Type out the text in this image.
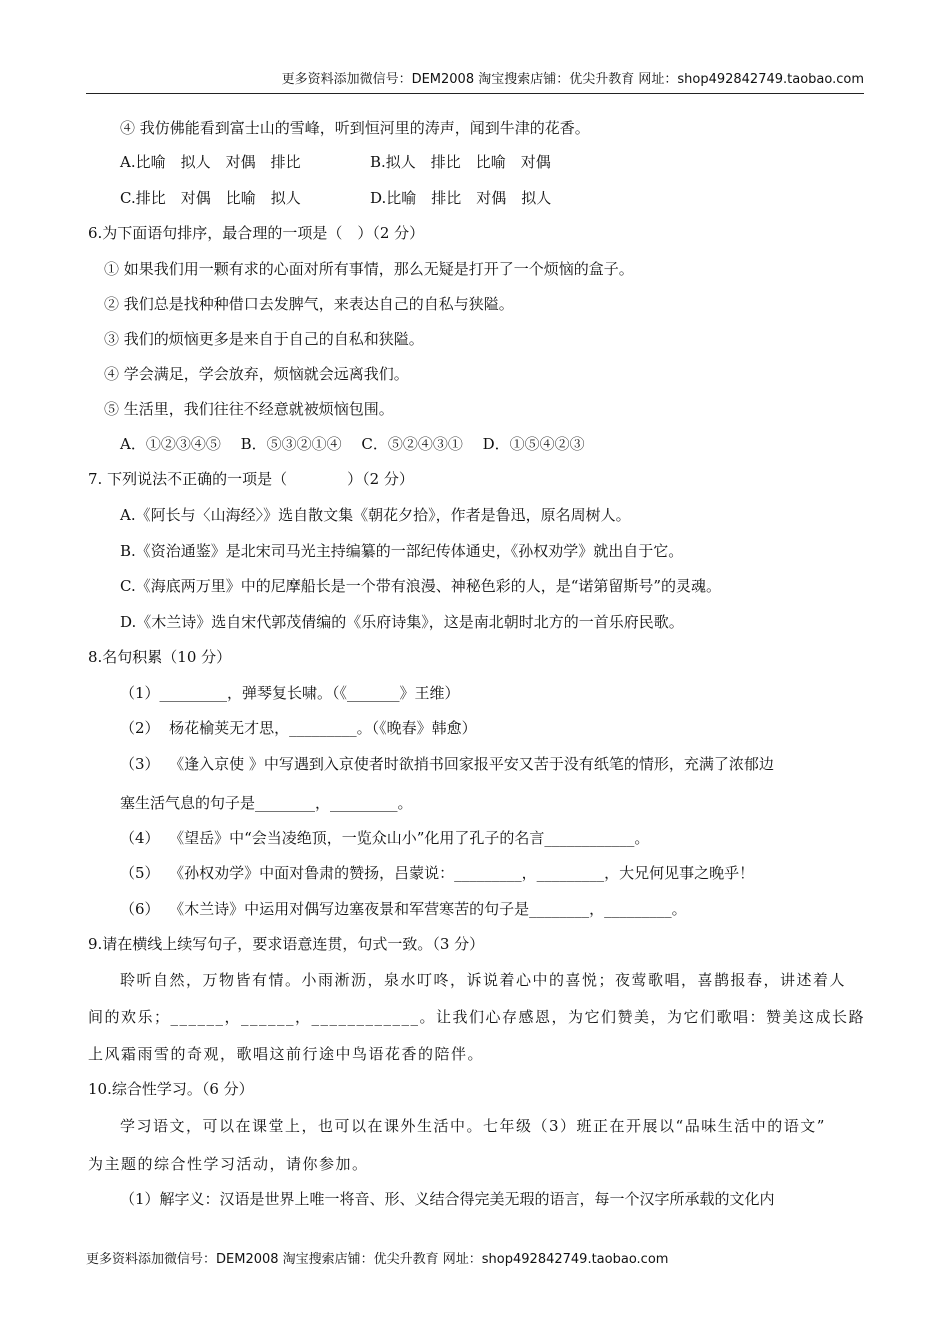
更多资料添加微信号：DEM2008 淘宝搜索店铺：优尖升教育 网址：shop492842749.taobao.com
④ 我仿佛能看到富士山的雪峰，听到恒河里的涛声，闻到牛津的花香。
A.比喻　拟人　对偶　排比	B.拟人　排比　比喻　对偶
C.排比　对偶　比喻　拟人	D.比喻　排比　对偶　拟人
6.为下面语句排序，最合理的一项是（　）（2 分）
① 如果我们用一颗有求的心面对所有事情，那么无疑是打开了一个烦恼的盒子。
② 我们总是找种种借口去发脾气，来表达自己的自私与狭隘。
③ 我们的烦恼更多是来自于自己的自私和狭隘。
④ 学会满足，学会放弃，烦恼就会远离我们。
⑤ 生活里，我们往往不经意就被烦恼包围。
A．①②③④⑤　 B．⑤③②①④　 C．⑤②④③①　 D．①⑤④②③
7. 下列说法不正确的一项是（　　　　）（2 分）
A.《阿长与〈山海经〉》选自散文集《朝花夕拾》，作者是鲁迅，原名周树人。
B.《资治通鉴》是北宋司马光主持编纂的一部纪传体通史，《孙权劝学》就出自于它。
C.《海底两万里》中的尼摩船长是一个带有浪漫、神秘色彩的人，是“诺第留斯号”的灵魂。
D.《木兰诗》选自宋代郭茂倩编的《乐府诗集》，这是南北朝时北方的一首乐府民歌。
8.名句积累（10 分）
（1）_________，弹琴复长啸。（《_______》王维）
（2）  杨花榆荚无才思，_________。（《晚春》韩愈）
（3）  《逢入京使 》中写遇到入京使者时欲捎书回家报平安又苦于没有纸笔的情形，充满了浓郁边
塞生活气息的句子是________，_________。
（4）  《望岳》中“会当凌绝顶，一览众山小”化用了孔子的名言____________。
（5）  《孙权劝学》中面对鲁肃的赞扬，吕蒙说：_________，_________，大兄何见事之晚乎！
（6）  《木兰诗》中运用对偶写边塞夜景和军营寒苦的句子是________，_________。
9.请在横线上续写句子，要求语意连贯，句式一致。（3 分）
聆听自然，万物皆有情。小雨淅沥，泉水叮咚，诉说着心中的喜悦；夜莺歌唱，喜鹊报春，讲述着人
间的欢乐；______，______，____________。让我们心存感恩，为它们赞美，为它们歌唱：赞美这成长路
上风霜雨雪的奇观，歌唱这前行途中鸟语花香的陪伴。
10.综合性学习。（6 分）
学习语文，可以在课堂上，也可以在课外生活中。七年级（3）班正在开展以“品味生活中的语文”
为主题的综合性学习活动，请你参加。
（1）解字义：汉语是世界上唯一将音、形、义结合得完美无瑕的语言，每一个汉字所承载的文化内
更多资料添加微信号：DEM2008 淘宝搜索店铺：优尖升教育 网址：shop492842749.taobao.com
